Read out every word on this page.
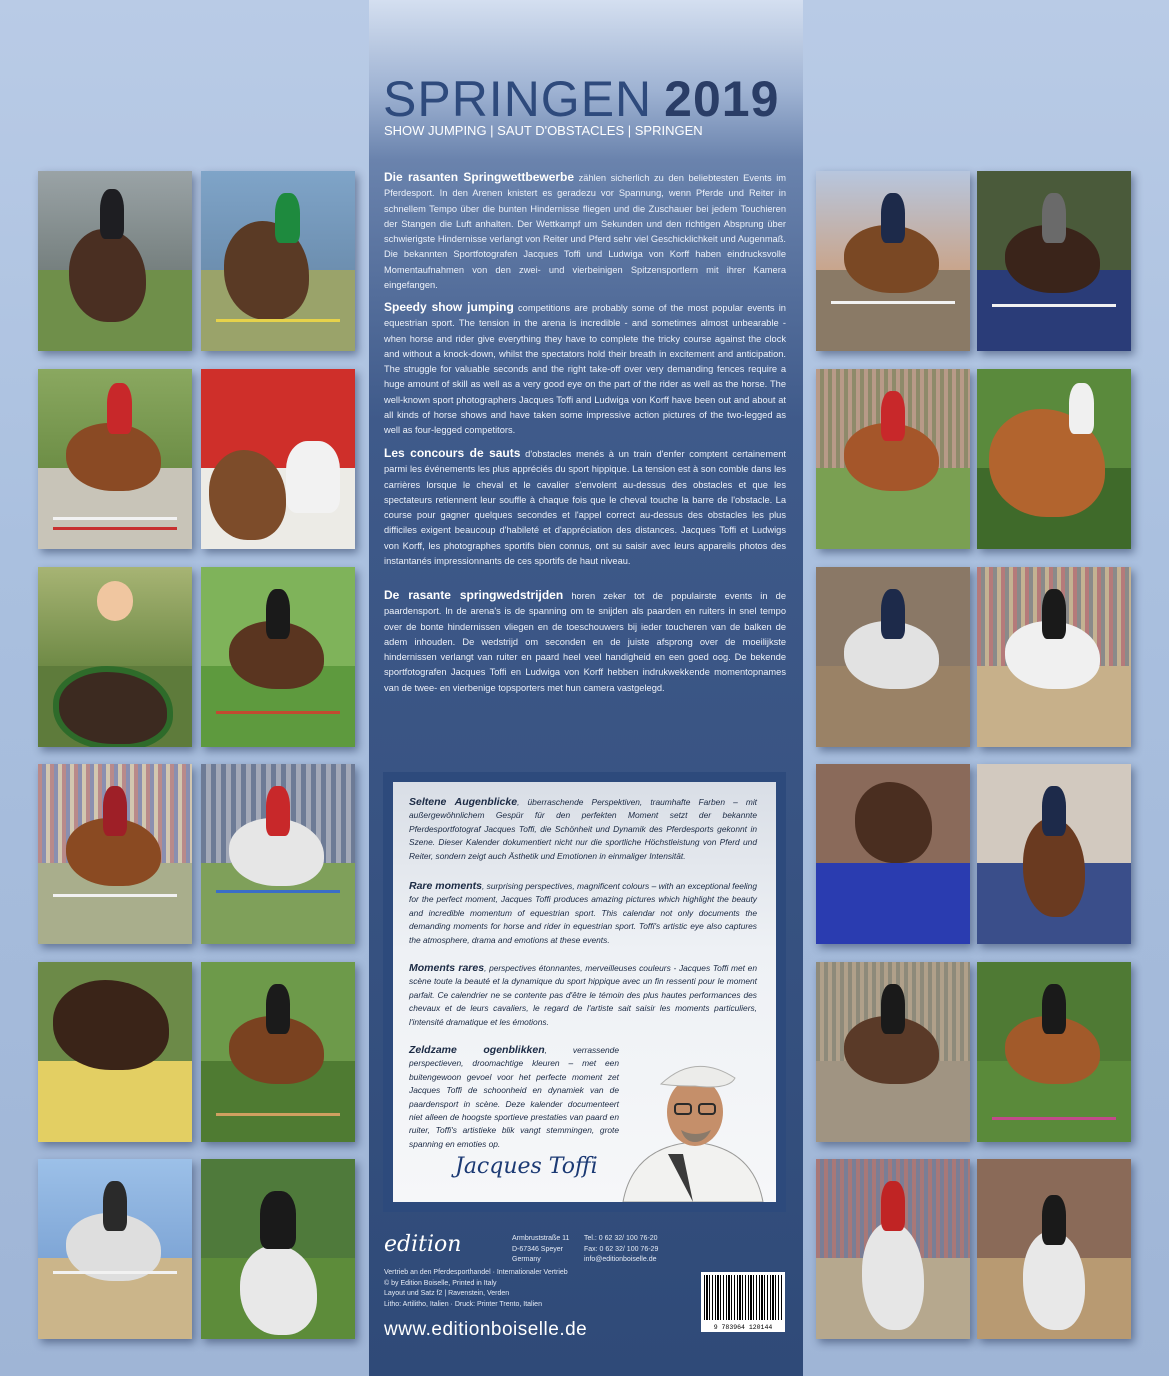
SPRINGEN 2019
SHOW JUMPING | SAUT D'OBSTACLES | SPRINGEN
Die rasanten Springwettbewerbe zählen sicherlich zu den beliebtesten Events im Pferdesport. In den Arenen knistert es geradezu vor Spannung, wenn Pferde und Reiter in schnellem Tempo über die bunten Hindernisse fliegen und die Zuschauer bei jedem Touchieren der Stangen die Luft anhalten. Der Wettkampf um Sekunden und den richtigen Absprung über schwierigste Hindernisse verlangt von Reiter und Pferd sehr viel Geschicklichkeit und Augenmaß. Die bekannten Sportfotografen Jacques Toffi und Ludwiga von Korff haben eindrucksvolle Momentaufnahmen von den zwei- und vierbeinigen Spitzensportlern mit ihrer Kamera eingefangen.
Speedy show jumping competitions are probably some of the most popular events in equestrian sport. The tension in the arena is incredible - and sometimes almost unbearable - when horse and rider give everything they have to complete the tricky course against the clock and without a knock-down, whilst the spectators hold their breath in excitement and anticipation. The struggle for valuable seconds and the right take-off over very demanding fences require a huge amount of skill as well as a very good eye on the part of the rider as well as the horse. The well-known sport photographers Jacques Toffi and Ludwiga von Korff have been out and about at all kinds of horse shows and have taken some impressive action pictures of the two-legged as well as four-legged competitors.
Les concours de sauts d'obstacles menés à un train d'enfer comptent certainement parmi les événements les plus appréciés du sport hippique. La tension est à son comble dans les carrières lorsque le cheval et le cavalier s'envolent au-dessus des obstacles et que les spectateurs retiennent leur souffle à chaque fois que le cheval touche la barre de l'obstacle. La course pour gagner quelques secondes et l'appel correct au-dessus des obstacles les plus difficiles exigent beaucoup d'habileté et d'appréciation des distances. Jacques Toffi et Ludwigs von Korff, les photographes sportifs bien connus, ont su saisir avec leurs appareils photos des instantanés impressionnants de ces sportifs de haut niveau.
De rasante springwedstrijden horen zeker tot de populairste events in de paardensport. In de arena's is de spanning om te snijden als paarden en ruiters in snel tempo over de bonte hindernissen vliegen en de toeschouwers bij ieder toucheren van de balken de adem inhouden. De wedstrijd om seconden en de juiste afsprong over de moeilijkste hindernissen verlangt van ruiter en paard heel veel handigheid en een goed oog. De bekende sportfotografen Jacques Toffi en Ludwiga von Korff hebben indrukwekkende momentopnames van de twee- en vierbenige topsporters met hun camera vastgelegd.
Seltene Augenblicke, überraschende Perspektiven, traumhafte Farben – mit außergewöhnlichem Gespür für den perfekten Moment setzt der bekannte Pferdesportfotograf Jacques Toffi, die Schönheit und Dynamik des Pferdesports gekonnt in Szene. Dieser Kalender dokumentiert nicht nur die sportliche Höchstleistung von Pferd und Reiter, sondern zeigt auch Ästhetik und Emotionen in einmaliger Intensität.
Rare moments, surprising perspectives, magnificent colours – with an exceptional feeling for the perfect moment, Jacques Toffi produces amazing pictures which highlight the beauty and incredible momentum of equestrian sport. This calendar not only documents the demanding moments for horse and rider in equestrian sport. Toffi's artistic eye also captures the atmosphere, drama and emotions at these events.
Moments rares, perspectives étonnantes, merveilleuses couleurs - Jacques Toffi met en scène toute la beauté et la dynamique du sport hippique avec un fin ressenti pour le moment parfait. Ce calendrier ne se contente pas d'être le témoin des plus hautes performances des chevaux et de leurs cavaliers, le regard de l'artiste sait saisir les moments particuliers, l'intensité dramatique et les émotions.
Zeldzame ogenblikken, verrassende perspectieven, droomachtige kleuren – met een buitengewoon gevoel voor het perfecte moment zet Jacques Toffi de schoonheid en dynamiek van de paardensport in scène. Deze kalender documenteert niet alleen de hoogste sportieve prestaties van paard en ruiter, Toffi's artistieke blik vangt stemmingen, grote spanning en emoties op.
Jacques Toffi
edition	Armbruststraße 11
D-67346 Speyer
Germany
Tel.: 0 62 32/ 100 76-20
Fax: 0 62 32/ 100 76-29
info@editionboiselle.de
Vertrieb an den Pferdesporthandel · Internationaler Vertrieb
© by Edition Boiselle, Printed in Italy
Layout und Satz f2 | Ravenstein, Verden
Litho: Artilitho, Italien · Druck: Printer Trento, Italien
www.editionboiselle.de	9 783964 120144
